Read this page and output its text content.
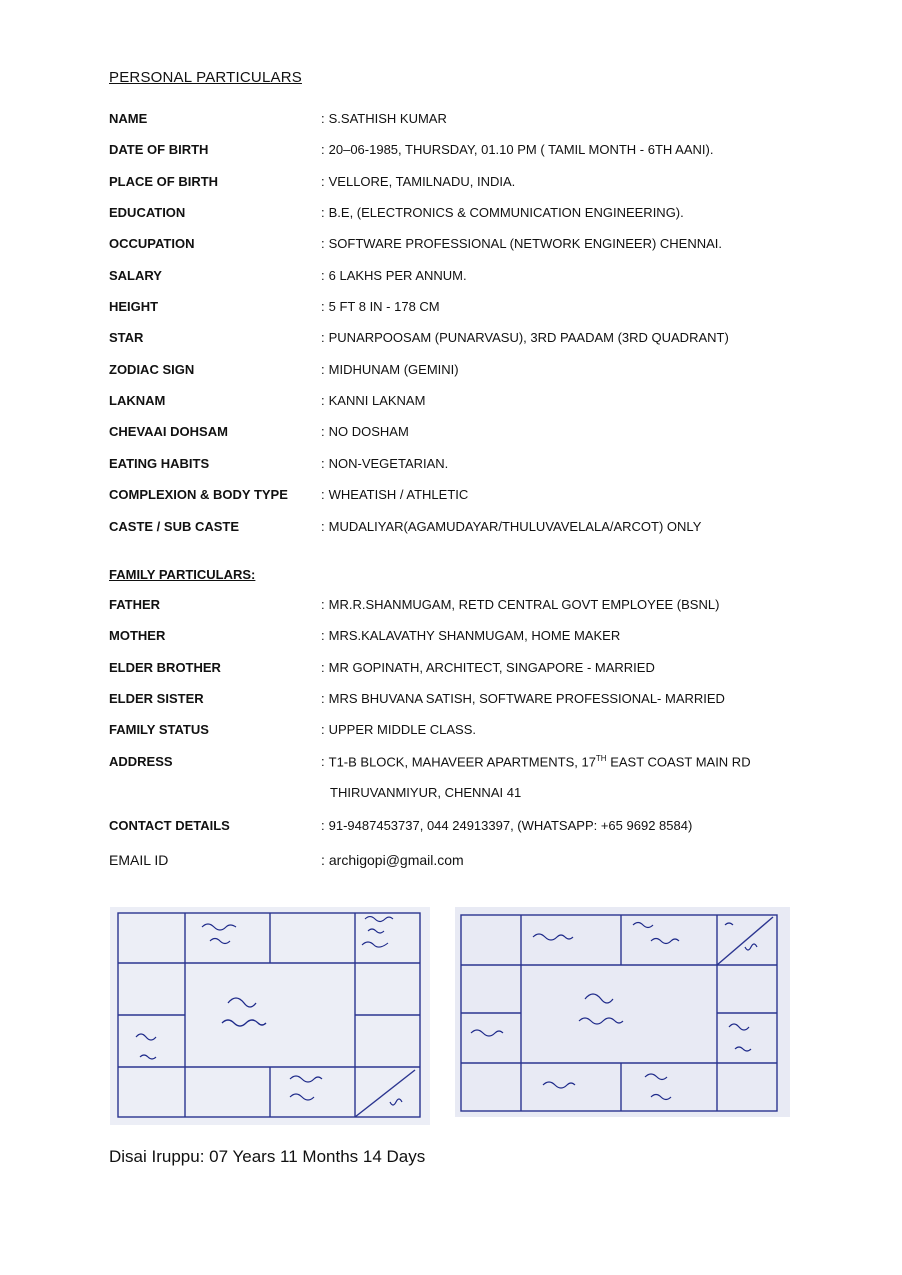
PERSONAL PARTICULARS
NAME	: S.SATHISH KUMAR
DATE OF BIRTH	: 20–06-1985, THURSDAY, 01.10 PM ( TAMIL MONTH - 6TH AANI).
PLACE OF BIRTH	: VELLORE, TAMILNADU, INDIA.
EDUCATION	: B.E, (ELECTRONICS & COMMUNICATION ENGINEERING).
OCCUPATION	: SOFTWARE PROFESSIONAL (NETWORK ENGINEER) CHENNAI.
SALARY	: 6 LAKHS PER ANNUM.
HEIGHT	: 5 FT 8 IN - 178 CM
STAR	: PUNARPOOSAM (PUNARVASU), 3RD PAADAM (3RD QUADRANT)
ZODIAC SIGN	: MIDHUNAM (GEMINI)
LAKNAM	: KANNI LAKNAM
CHEVAAI DOHSAM	: NO DOSHAM
EATING HABITS	: NON-VEGETARIAN.
COMPLEXION & BODY TYPE	: WHEATISH / ATHLETIC
CASTE / SUB CASTE	: MUDALIYAR(AGAMUDAYAR/THULUVAVELALA/ARCOT) ONLY
FAMILY PARTICULARS:
FATHER	: MR.R.SHANMUGAM, RETD CENTRAL GOVT EMPLOYEE (BSNL)
MOTHER	: MRS.KALAVATHY SHANMUGAM, HOME MAKER
ELDER BROTHER	: MR GOPINATH, ARCHITECT, SINGAPORE - MARRIED
ELDER SISTER	: MRS BHUVANA SATISH, SOFTWARE PROFESSIONAL- MARRIED
FAMILY STATUS	: UPPER MIDDLE CLASS.
ADDRESS	: T1-B BLOCK, MAHAVEER APARTMENTS, 17TH EAST COAST MAIN RD
THIRUVANMIYUR, CHENNAI 41
CONTACT DETAILS	: 91-9487453737, 044 24913397, (WHATSAPP: +65 9692 8584)
EMAIL ID	: archigopi@gmail.com
Disai Iruppu: 07 Years 11 Months 14 Days
